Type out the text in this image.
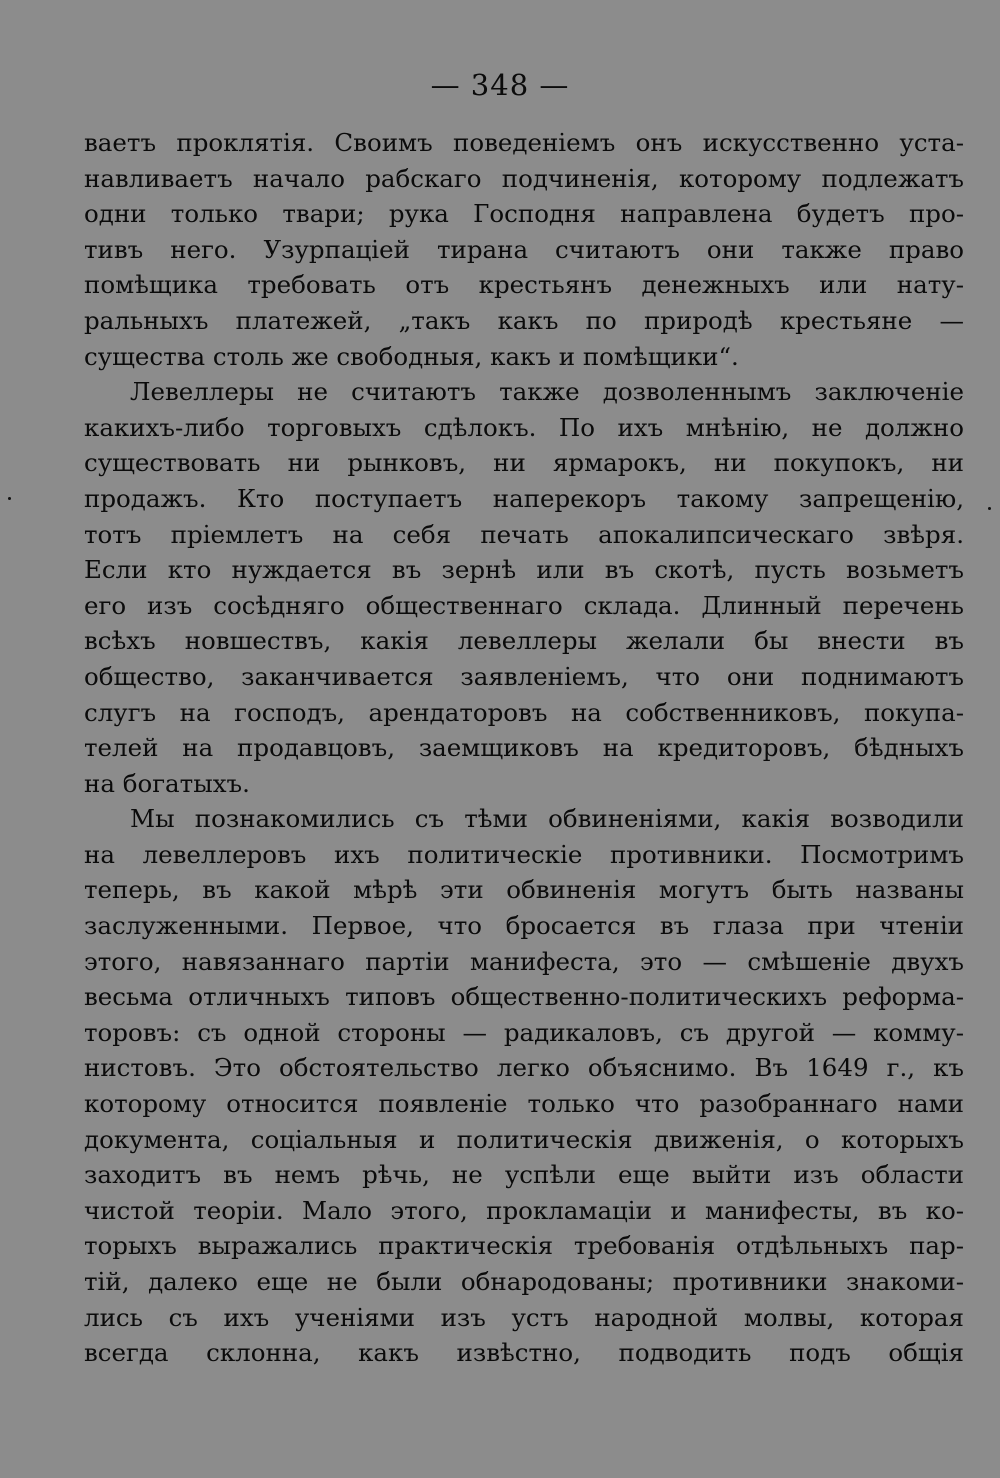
— 348 —
ваетъ проклятія. Своимъ поведеніемъ онъ искусственно уста-
навливаетъ начало рабскаго подчиненія, которому подлежатъ
одни только твари; рука Господня направлена будетъ про-
тивъ него. Узурпацiей тирана считаютъ они также право
помѣщика требовать отъ крестьянъ денежныхъ или нату-
ральныхъ платежей, „такъ какъ по природѣ крестьяне —
существа столь же свободныя, какъ и помѣщики“.
Левеллеры не считаютъ также дозволеннымъ заключеніе
какихъ-либо торговыхъ сдѣлокъ. По ихъ мнѣнію, не должно
существовать ни рынковъ, ни ярмарокъ, ни покупокъ, ни
продажъ. Кто поступаетъ наперекоръ такому запрещенію,
тотъ пріемлетъ на себя печать апокалипсическаго звѣря.
Если кто нуждается въ зернѣ или въ скотѣ, пусть возьметъ
его изъ сосѣдняго общественнаго склада. Длинный перечень
всѣхъ новшествъ, какія левеллеры желали бы внести въ
общество, заканчивается заявленіемъ, что они поднимаютъ
слугъ на господъ, арендаторовъ на собственниковъ, покупа-
телей на продавцовъ, заемщиковъ на кредиторовъ, бѣдныхъ
на богатыхъ.
Мы познакомились съ тѣми обвиненіями, какія возводили
на левеллеровъ ихъ политическіе противники. Посмотримъ
теперь, въ какой мѣрѣ эти обвиненія могутъ быть названы
заслуженными. Первое, что бросается въ глаза при чтеніи
этого, навязаннаго партіи манифеста, это — смѣшеніе двухъ
весьма отличныхъ типовъ общественно-политическихъ реформа-
торовъ: съ одной стороны — радикаловъ, съ другой — комму-
нистовъ. Это обстоятельство легко объяснимо. Въ 1649 г., къ
которому относится появленіе только что разобраннаго нами
документа, соціальныя и политическія движенія, о которыхъ
заходитъ въ немъ рѣчь, не успѣли еще выйти изъ области
чистой теоріи. Мало этого, прокламаціи и манифесты, въ ко-
торыхъ выражались практическія требованія отдѣльныхъ пар-
тій, далеко еще не были обнародованы; противники знакоми-
лись съ ихъ ученіями изъ устъ народной молвы, которая
всегда склонна, какъ извѣстно, подводить подъ общія
